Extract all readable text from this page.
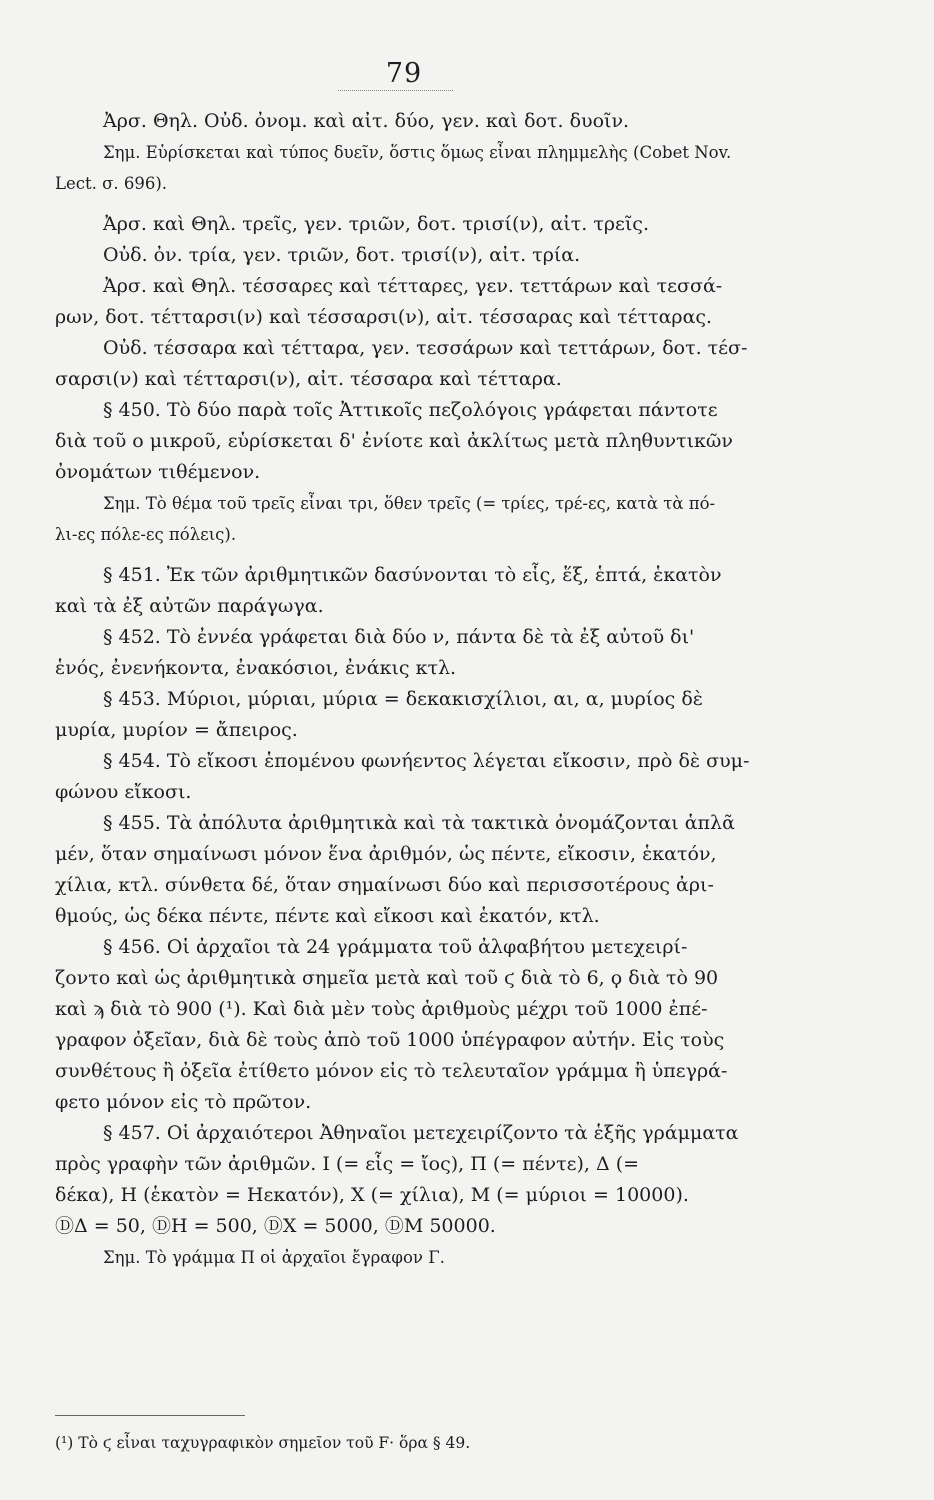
79
Ἀρσ. Θηλ. Οὐδ. ὀνομ. καὶ αἰτ. δύο, γεν. καὶ δοτ. δυοῖν.
Σημ. Εὑρίσκεται καὶ τύπος δυεῖν, ὅστις ὅμως εἶναι πλημμελὴς (Cobet Nov.
Lect. σ. 696).
Ἀρσ. καὶ Θηλ. τρεῖς, γεν. τριῶν, δοτ. τρισί(ν), αἰτ. τρεῖς.
Οὐδ. ὀν. τρία, γεν. τριῶν, δοτ. τρισί(ν), αἰτ. τρία.
Ἀρσ. καὶ Θηλ. τέσσαρες καὶ τέτταρες, γεν. τεττάρων καὶ τεσσά-
ρων, δοτ. τέτταρσι(ν) καὶ τέσσαρσι(ν), αἰτ. τέσσαρας καὶ τέτταρας.
Οὐδ. τέσσαρα καὶ τέτταρα, γεν. τεσσάρων καὶ τεττάρων, δοτ. τέσ-
σαρσι(ν) καὶ τέτταρσι(ν), αἰτ. τέσσαρα καὶ τέτταρα.
§ 450. Τὸ δύο παρὰ τοῖς Ἀττικοῖς πεζολόγοις γράφεται πάντοτε
διὰ τοῦ ο μικροῦ, εὑρίσκεται δ' ἐνίοτε καὶ ἀκλίτως μετὰ πληθυντικῶν
ὀνομάτων τιθέμενον.
Σημ. Τὸ θέμα τοῦ τρεῖς εἶναι τρι, ὅθεν τρεῖς (= τρίες, τρέ-ες, κατὰ τὰ πό-
λι-ες πόλε-ες πόλεις).
§ 451. Ἐκ τῶν ἀριθμητικῶν δασύνονται τὸ εἷς, ἕξ, ἑπτά, ἑκατὸν
καὶ τὰ ἐξ αὐτῶν παράγωγα.
§ 452. Τὸ ἐννέα γράφεται διὰ δύο ν, πάντα δὲ τὰ ἐξ αὐτοῦ δι'
ἑνός, ἐνενήκοντα, ἐνακόσιοι, ἐνάκις κτλ.
§ 453. Μύριοι, μύριαι, μύρια = δεκακισχίλιοι, αι, α, μυρίος δὲ
μυρία, μυρίον = ἄπειρος.
§ 454. Τὸ εἴκοσι ἑπομένου φωνήεντος λέγεται εἴκοσιν, πρὸ δὲ συμ-
φώνου εἴκοσι.
§ 455. Τὰ ἀπόλυτα ἀριθμητικὰ καὶ τὰ τακτικὰ ὀνομάζονται ἁπλᾶ
μέν, ὅταν σημαίνωσι μόνον ἕνα ἀριθμόν, ὡς πέντε, εἴκοσιν, ἑκατόν,
χίλια, κτλ. σύνθετα δέ, ὅταν σημαίνωσι δύο καὶ περισσοτέρους ἀρι-
θμούς, ὡς δέκα πέντε, πέντε καὶ εἴκοσι καὶ ἑκατόν, κτλ.
§ 456. Οἱ ἀρχαῖοι τὰ 24 γράμματα τοῦ ἀλφαβήτου μετεχειρί-
ζοντο καὶ ὡς ἀριθμητικὰ σημεῖα μετὰ καὶ τοῦ ϛ διὰ τὸ 6, ϙ διὰ τὸ 90
καὶ ϡ διὰ τὸ 900 (¹). Καὶ διὰ μὲν τοὺς ἀριθμοὺς μέχρι τοῦ 1000 ἐπέ-
γραφον ὀξεῖαν, διὰ δὲ τοὺς ἀπὸ τοῦ 1000 ὑπέγραφον αὐτήν. Εἰς τοὺς
συνθέτους ἢ ὀξεῖα ἐτίθετο μόνον εἰς τὸ τελευταῖον γράμμα ἢ ὑπεγρά-
φετο μόνον εἰς τὸ πρῶτον.
§ 457. Οἱ ἀρχαιότεροι Ἀθηναῖοι μετεχειρίζοντο τὰ ἑξῆς γράμματα
πρὸς γραφὴν τῶν ἀριθμῶν. Ι (= εἷς = ἴος), Π (= πέντε), Δ (=
δέκα), Η (ἑκατὸν = Ηεκατόν), Χ (= χίλια), Μ (= μύριοι = 10000).
ⒹΔ = 50, ⒹΗ = 500, ⒹΧ = 5000, ⒹΜ 50000.
Σημ. Τὸ γράμμα Π οἱ ἀρχαῖοι ἔγραφον Γ.
(¹) Τὸ ϛ εἶναι ταχυγραφικὸν σημεῖον τοῦ F· ὅρα § 49.
